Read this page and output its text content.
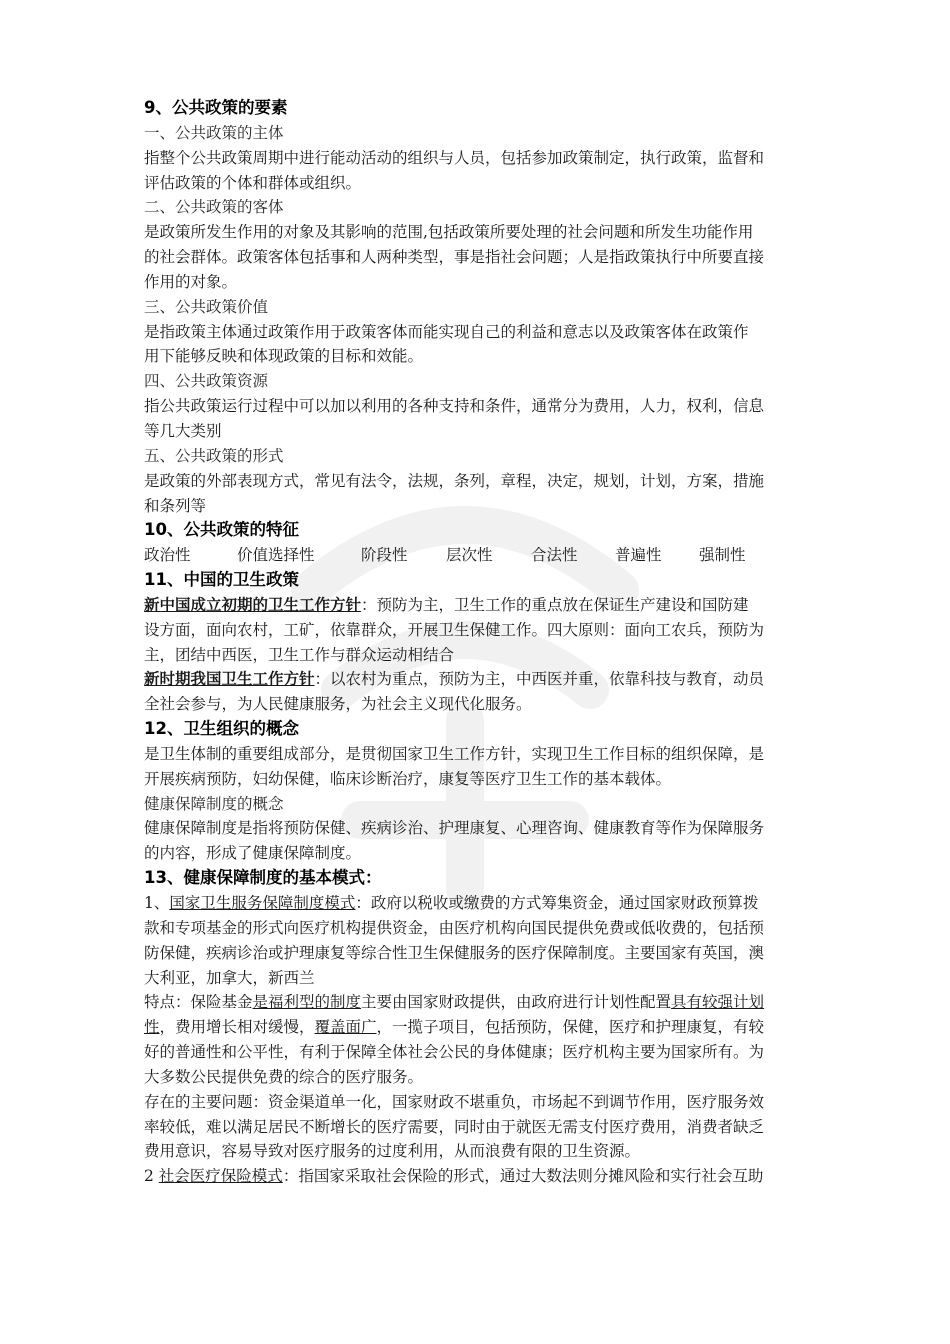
9、公共政策的要素
一、公共政策的主体
指整个公共政策周期中进行能动活动的组织与人员，包括参加政策制定，执行政策，监督和
评估政策的个体和群体或组织。
二、公共政策的客体
是政策所发生作用的对象及其影响的范围,包括政策所要处理的社会问题和所发生功能作用
的社会群体。政策客体包括事和人两种类型，事是指社会问题；人是指政策执行中所要直接
作用的对象。
三、公共政策价值
是指政策主体通过政策作用于政策客体而能实现自己的利益和意志以及政策客体在政策作
用下能够反映和体现政策的目标和效能。
四、公共政策资源
指公共政策运行过程中可以加以利用的各种支持和条件，通常分为费用，人力，权利，信息
等几大类别
五、公共政策的形式
是政策的外部表现方式，常见有法令，法规，条列，章程，决定，规划，计划，方案，措施
和条列等
10、公共政策的特征
政治性	价值选择性	阶段性	层次性	合法性	普遍性	强制性
11、中国的卫生政策
新中国成立初期的卫生工作方针：预防为主，卫生工作的重点放在保证生产建设和国防建
设方面，面向农村，工矿，依靠群众，开展卫生保健工作。四大原则：面向工农兵，预防为
主，团结中西医，卫生工作与群众运动相结合
新时期我国卫生工作方针：以农村为重点，预防为主，中西医并重，依靠科技与教育，动员
全社会参与，为人民健康服务，为社会主义现代化服务。
12、卫生组织的概念
是卫生体制的重要组成部分，是贯彻国家卫生工作方针，实现卫生工作目标的组织保障，是
开展疾病预防，妇幼保健，临床诊断治疗，康复等医疗卫生工作的基本载体。
健康保障制度的概念
健康保障制度是指将预防保健、疾病诊治、护理康复、心理咨询、健康教育等作为保障服务
的内容，形成了健康保障制度。
13、健康保障制度的基本模式：
1、国家卫生服务保障制度模式：政府以税收或缴费的方式筹集资金，通过国家财政预算拨
款和专项基金的形式向医疗机构提供资金，由医疗机构向国民提供免费或低收费的，包括预
防保健，疾病诊治或护理康复等综合性卫生保健服务的医疗保障制度。主要国家有英国，澳
大利亚，加拿大，新西兰
特点：保险基金是福利型的制度主要由国家财政提供，由政府进行计划性配置具有较强计划
性，费用增长相对缓慢，覆盖面广，一揽子项目，包括预防，保健，医疗和护理康复，有较
好的普通性和公平性，有利于保障全体社会公民的身体健康；医疗机构主要为国家所有。为
大多数公民提供免费的综合的医疗服务。
存在的主要问题：资金渠道单一化，国家财政不堪重负，市场起不到调节作用，医疗服务效
率较低，难以满足居民不断增长的医疗需要，同时由于就医无需支付医疗费用，消费者缺乏
费用意识，容易导致对医疗服务的过度利用，从而浪费有限的卫生资源。
2 社会医疗保险模式：指国家采取社会保险的形式，通过大数法则分摊风险和实行社会互助
